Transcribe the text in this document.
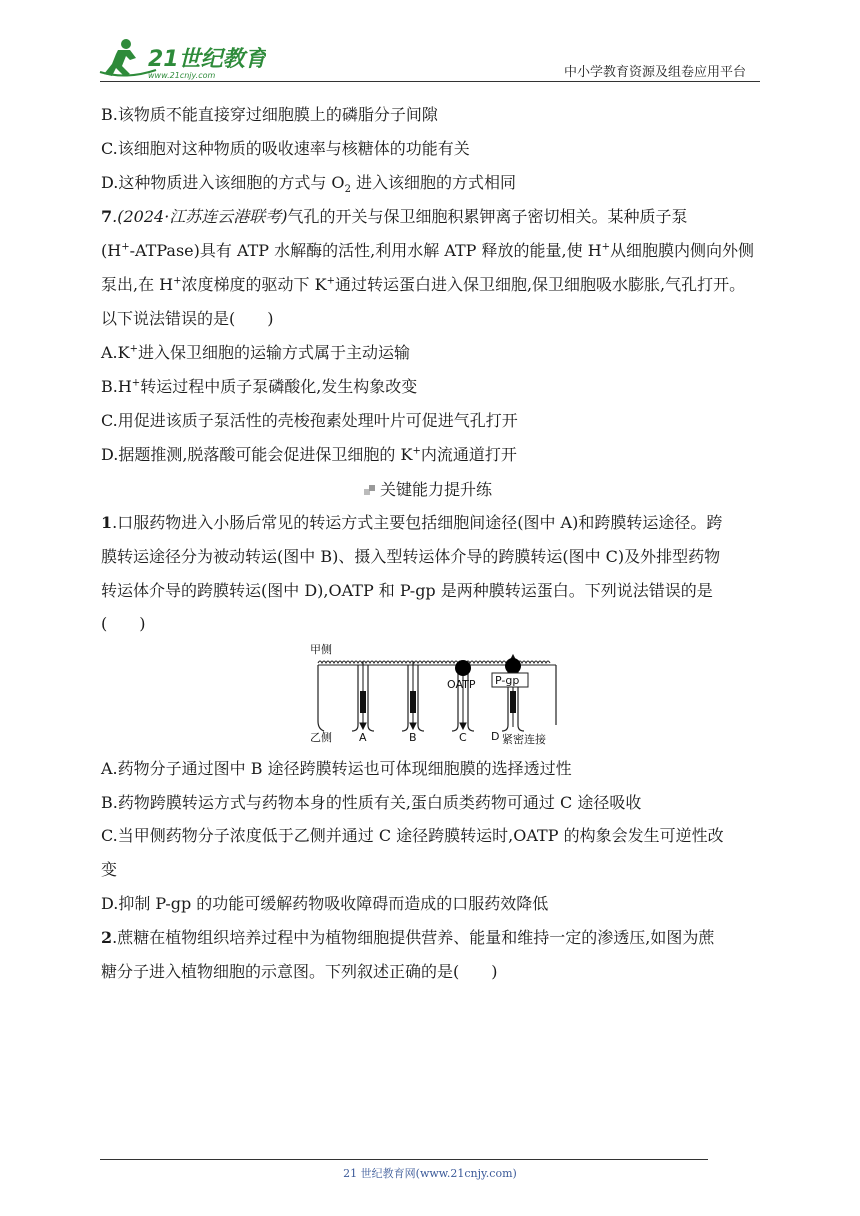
21世纪教育
www.21cnjy.com	中小学教育资源及组卷应用平台
B.该物质不能直接穿过细胞膜上的磷脂分子间隙
C.该细胞对这种物质的吸收速率与核糖体的功能有关
D.这种物质进入该细胞的方式与 $O_2$ 进入该细胞的方式相同
7.(2024·江苏连云港联考)气孔的开关与保卫细胞积累钾离子密切相关。某种质子泵
(H+-ATPase)具有 ATP 水解酶的活性,利用水解 ATP 释放的能量,使 H+从细胞膜内侧向外侧
泵出,在 H+浓度梯度的驱动下 K+通过转运蛋白进入保卫细胞,保卫细胞吸水膨胀,气孔打开。
以下说法错误的是(　　)
A.K+进入保卫细胞的运输方式属于主动运输
B.H+转运过程中质子泵磷酸化,发生构象改变
C.用促进该质子泵活性的壳梭孢素处理叶片可促进气孔打开
D.据题推测,脱落酸可能会促进保卫细胞的 K+内流通道打开
关键能力提升练
1.口服药物进入小肠后常见的转运方式主要包括细胞间途径(图中 A)和跨膜转运途径。跨
膜转运途径分为被动转运(图中 B)、摄入型转运体介导的跨膜转运(图中 C)及外排型药物
转运体介导的跨膜转运(图中 D),OATP 和 P-gp 是两种膜转运蛋白。下列说法错误的是
(　　)
甲侧
乙侧
OATP P-gp
A	B	C D 紧密连接
A.药物分子通过图中 B 途径跨膜转运也可体现细胞膜的选择透过性
B.药物跨膜转运方式与药物本身的性质有关,蛋白质类药物可通过 C 途径吸收
C.当甲侧药物分子浓度低于乙侧并通过 C 途径跨膜转运时,OATP 的构象会发生可逆性改
变
D.抑制 P-gp 的功能可缓解药物吸收障碍而造成的口服药效降低
2.蔗糖在植物组织培养过程中为植物细胞提供营养、能量和维持一定的渗透压,如图为蔗
糖分子进入植物细胞的示意图。下列叙述正确的是(　　)
21 世纪教育网(www.21cnjy.com)
